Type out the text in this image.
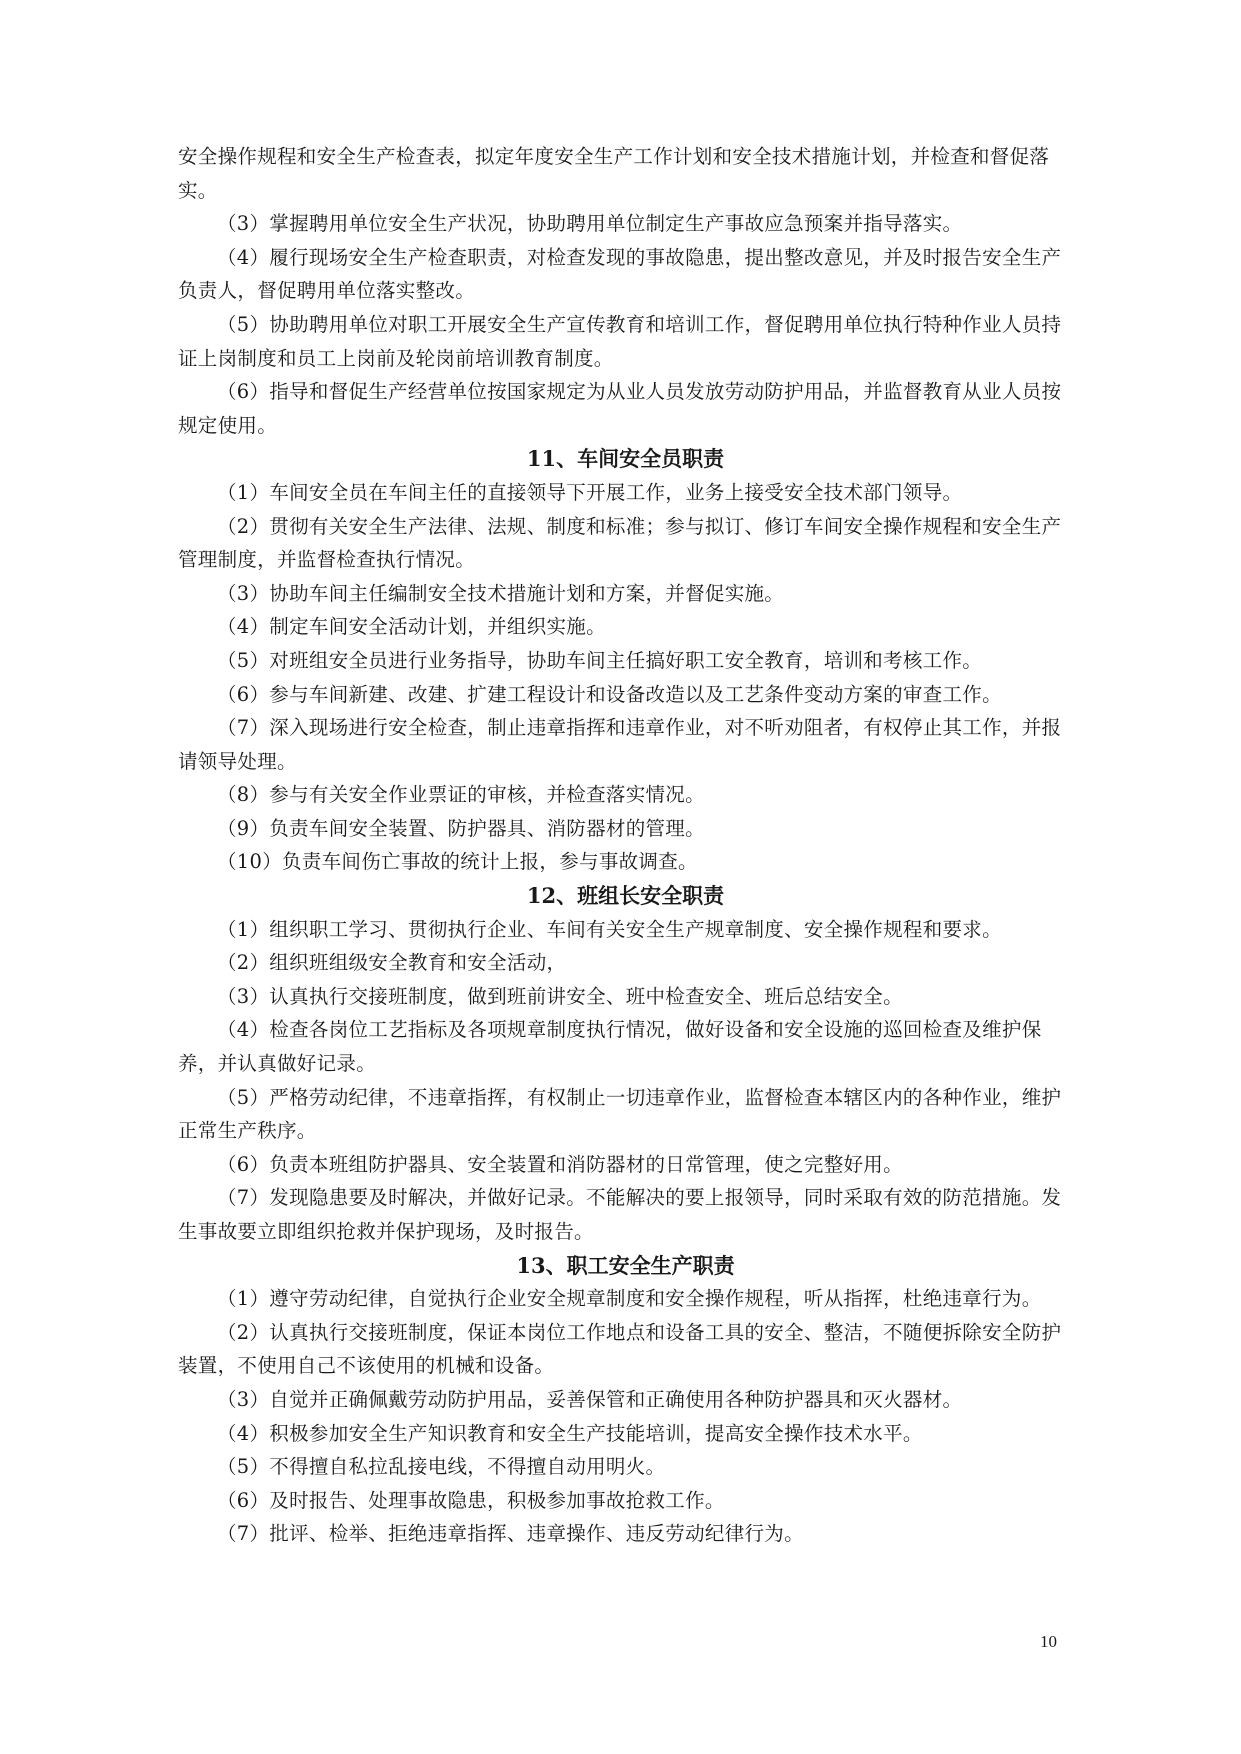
安全操作规程和安全生产检查表，拟定年度安全生产工作计划和安全技术措施计划，并检查和督促落实。

（3）掌握聘用单位安全生产状况，协助聘用单位制定生产事故应急预案并指导落实。

（4）履行现场安全生产检查职责，对检查发现的事故隐患，提出整改意见，并及时报告安全生产负责人，督促聘用单位落实整改。

（5）协助聘用单位对职工开展安全生产宣传教育和培训工作，督促聘用单位执行特种作业人员持证上岗制度和员工上岗前及轮岗前培训教育制度。

（6）指导和督促生产经营单位按国家规定为从业人员发放劳动防护用品，并监督教育从业人员按规定使用。

11、车间安全员职责

（1）车间安全员在车间主任的直接领导下开展工作，业务上接受安全技术部门领导。

（2）贯彻有关安全生产法律、法规、制度和标准；参与拟订、修订车间安全操作规程和安全生产管理制度，并监督检查执行情况。

（3）协助车间主任编制安全技术措施计划和方案，并督促实施。

（4）制定车间安全活动计划，并组织实施。

（5）对班组安全员进行业务指导，协助车间主任搞好职工安全教育，培训和考核工作。

（6）参与车间新建、改建、扩建工程设计和设备改造以及工艺条件变动方案的审查工作。

（7）深入现场进行安全检查，制止违章指挥和违章作业，对不听劝阻者，有权停止其工作，并报请领导处理。

（8）参与有关安全作业票证的审核，并检查落实情况。

（9）负责车间安全装置、防护器具、消防器材的管理。

（10）负责车间伤亡事故的统计上报，参与事故调查。

12、班组长安全职责

（1）组织职工学习、贯彻执行企业、车间有关安全生产规章制度、安全操作规程和要求。

（2）组织班组级安全教育和安全活动，

（3）认真执行交接班制度，做到班前讲安全、班中检查安全、班后总结安全。

（4）检查各岗位工艺指标及各项规章制度执行情况，做好设备和安全设施的巡回检查及维护保养，并认真做好记录。

（5）严格劳动纪律，不违章指挥，有权制止一切违章作业，监督检查本辖区内的各种作业，维护正常生产秩序。

（6）负责本班组防护器具、安全装置和消防器材的日常管理，使之完整好用。

（7）发现隐患要及时解决，并做好记录。不能解决的要上报领导，同时采取有效的防范措施。发生事故要立即组织抢救并保护现场，及时报告。

13、职工安全生产职责

（1）遵守劳动纪律，自觉执行企业安全规章制度和安全操作规程，听从指挥，杜绝违章行为。

（2）认真执行交接班制度，保证本岗位工作地点和设备工具的安全、整洁，不随便拆除安全防护装置，不使用自己不该使用的机械和设备。

（3）自觉并正确佩戴劳动防护用品，妥善保管和正确使用各种防护器具和灭火器材。

（4）积极参加安全生产知识教育和安全生产技能培训，提高安全操作技术水平。

（5）不得擅自私拉乱接电线，不得擅自动用明火。

（6）及时报告、处理事故隐患，积极参加事故抢救工作。

（7）批评、检举、拒绝违章指挥、违章操作、违反劳动纪律行为。

10
